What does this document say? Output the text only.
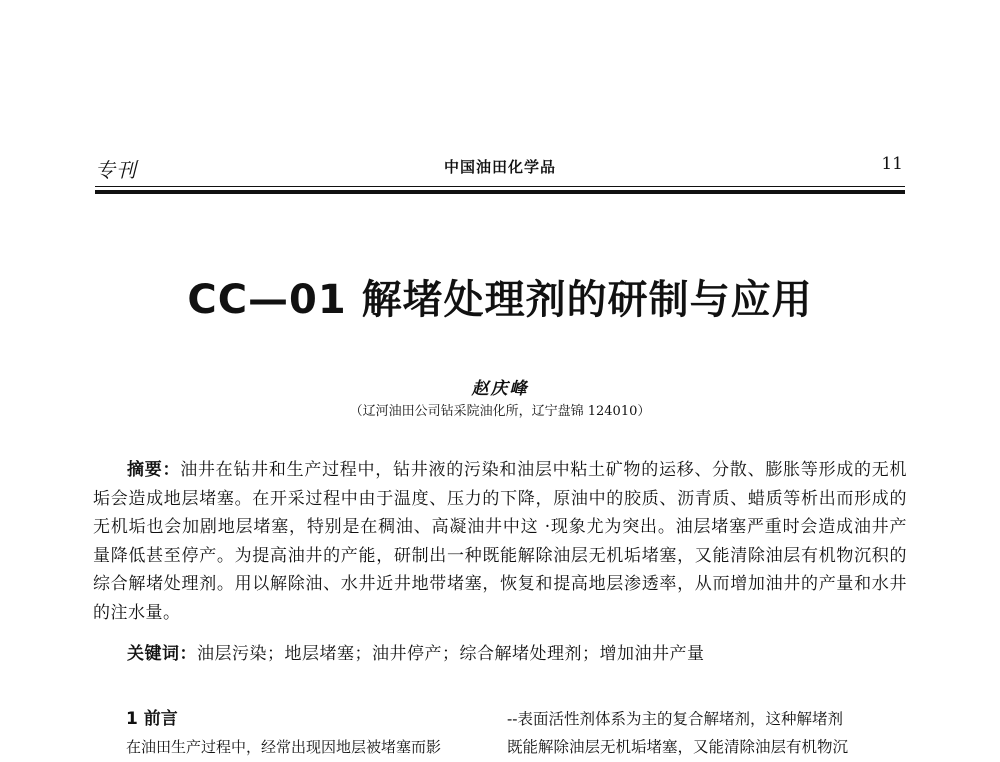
专刊	中国油田化学品	11
CC—01 解堵处理剂的研制与应用
赵庆峰
（辽河油田公司钻采院油化所，辽宁盘锦 124010）

摘要：油井在钻井和生产过程中，钻井液的污染和油层中粘土矿物的运移、分散、膨胀等形成的无机垢会造成地层堵塞。在开采过程中由于温度、压力的下降，原油中的胶质、沥青质、蜡质等析出而形成的无机垢也会加剧地层堵塞，特别是在稠油、高凝油井中这 ·现象尤为突出。油层堵塞严重时会造成油井产量降低甚至停产。为提高油井的产能，研制出一种既能解除油层无机垢堵塞，又能清除油层有机物沉积的综合解堵处理剂。用以解除油、水井近井地带堵塞，恢复和提高地层渗透率，从而增加油井的产量和水井的注水量。

关键词：油层污染；地层堵塞；油井停产；综合解堵处理剂；增加油井产量

1 前言
在油田生产过程中，经常出现因地层被堵塞而影
--表面活性剂体系为主的复合解堵剂，这种解堵剂
既能解除油层无机垢堵塞，又能清除油层有机物沉
